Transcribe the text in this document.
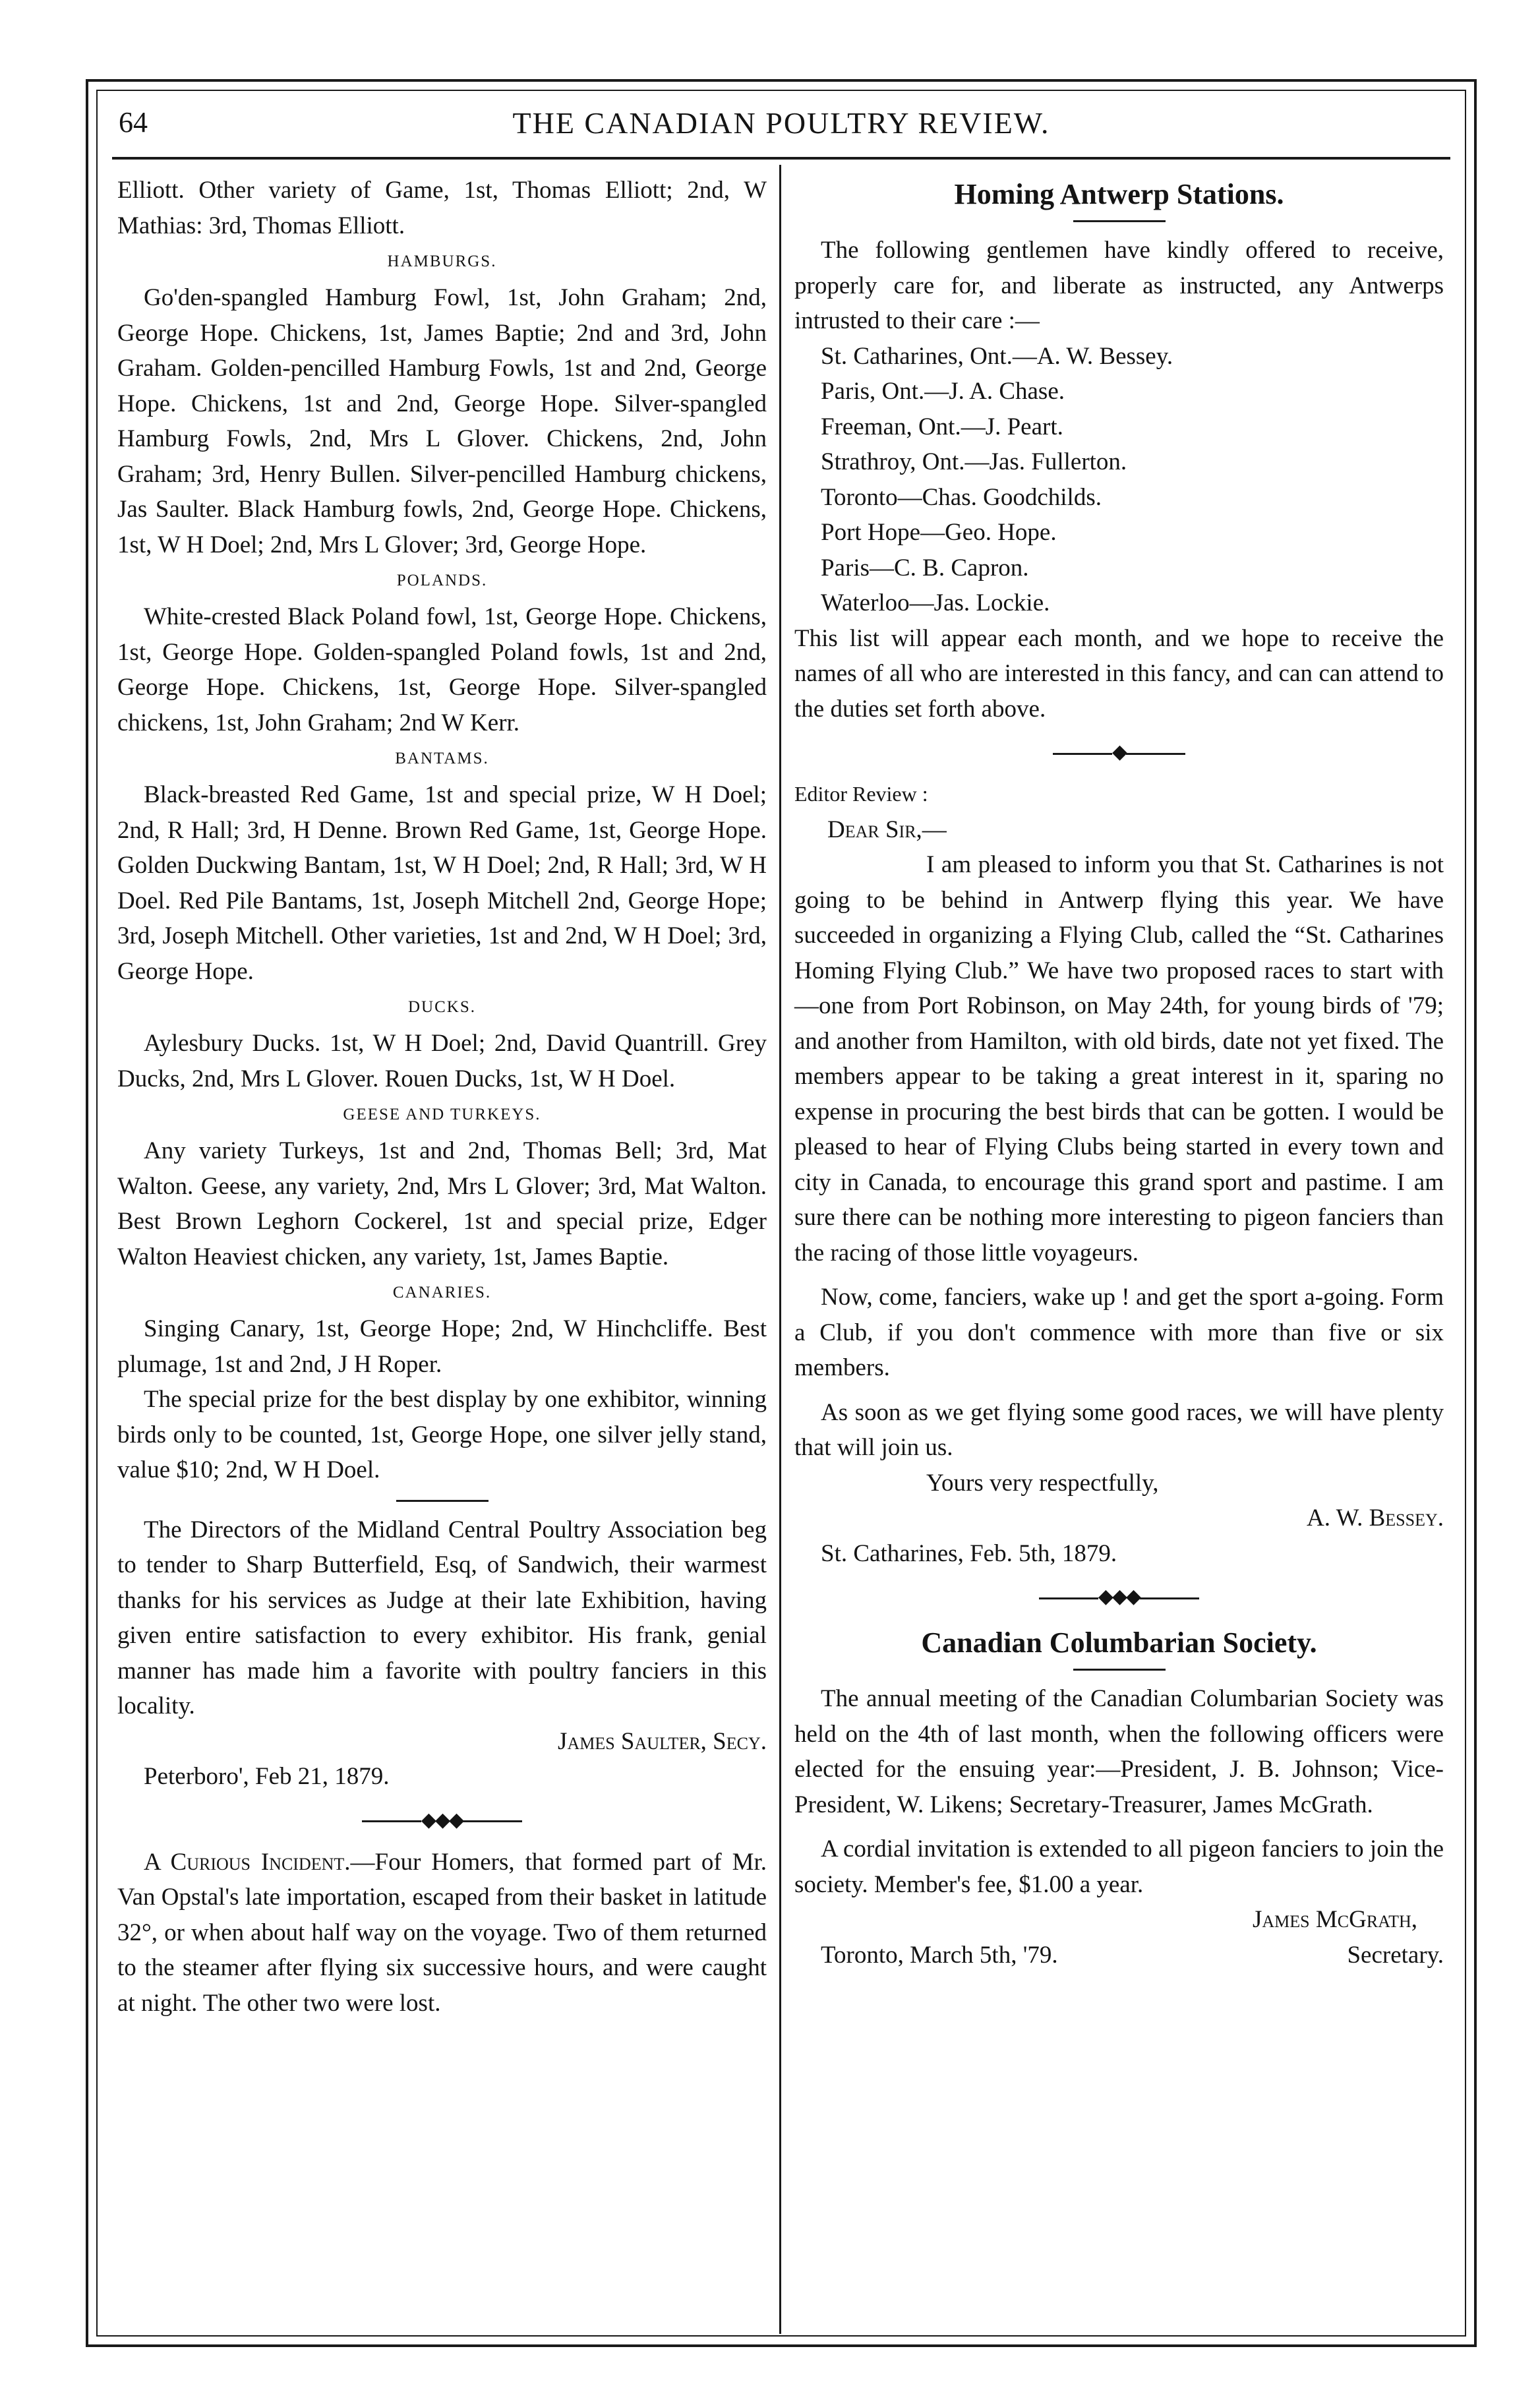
64	THE CANADIAN POULTRY REVIEW.

Elliott. Other variety of Game, 1st, Thomas Elliott; 2nd, W Mathias: 3rd, Thomas Elliott.

HAMBURGS.

Go'den-spangled Hamburg Fowl, 1st, John Graham; 2nd, George Hope. Chickens, 1st, James Baptie; 2nd and 3rd, John Graham. Golden-pencilled Hamburg Fowls, 1st and 2nd, George Hope. Chickens, 1st and 2nd, George Hope. Silver-spangled Hamburg Fowls, 2nd, Mrs L Glover. Chickens, 2nd, John Graham; 3rd, Henry Bullen. Silver-pencilled Hamburg chickens, Jas Saulter. Black Hamburg fowls, 2nd, George Hope. Chickens, 1st, W H Doel; 2nd, Mrs L Glover; 3rd, George Hope.

POLANDS.

White-crested Black Poland fowl, 1st, George Hope. Chickens, 1st, George Hope. Golden-spangled Poland fowls, 1st and 2nd, George Hope. Chickens, 1st, George Hope. Silver-spangled chickens, 1st, John Graham; 2nd W Kerr.

BANTAMS.

Black-breasted Red Game, 1st and special prize, W H Doel; 2nd, R Hall; 3rd, H Denne. Brown Red Game, 1st, George Hope. Golden Duckwing Bantam, 1st, W H Doel; 2nd, R Hall; 3rd, W H Doel. Red Pile Bantams, 1st, Joseph Mitchell 2nd, George Hope; 3rd, Joseph Mitchell. Other varieties, 1st and 2nd, W H Doel; 3rd, George Hope.

DUCKS.

Aylesbury Ducks. 1st, W H Doel; 2nd, David Quantrill. Grey Ducks, 2nd, Mrs L Glover. Rouen Ducks, 1st, W H Doel.

GEESE AND TURKEYS.

Any variety Turkeys, 1st and 2nd, Thomas Bell; 3rd, Mat Walton. Geese, any variety, 2nd, Mrs L Glover; 3rd, Mat Walton. Best Brown Leghorn Cockerel, 1st and special prize, Edger Walton Heaviest chicken, any variety, 1st, James Baptie.

CANARIES.

Singing Canary, 1st, George Hope; 2nd, W Hinchcliffe. Best plumage, 1st and 2nd, J H Roper.

The special prize for the best display by one exhibitor, winning birds only to be counted, 1st, George Hope, one silver jelly stand, value $10; 2nd, W H Doel.

The Directors of the Midland Central Poultry Association beg to tender to Sharp Butterfield, Esq, of Sandwich, their warmest thanks for his services as Judge at their late Exhibition, having given entire satisfaction to every exhibitor. His frank, genial manner has made him a favorite with poultry fanciers in this locality.

James Saulter, Secy.
Peterboro', Feb 21, 1879.
◆◆◆

A Curious Incident.—Four Homers, that formed part of Mr. Van Opstal's late importation, escaped from their basket in latitude 32°, or when about half way on the voyage. Two of them returned to the steamer after flying six successive hours, and were caught at night. The other two were lost.

Homing Antwerp Stations.

The following gentlemen have kindly offered to receive, properly care for, and liberate as instructed, any Antwerps intrusted to their care :—

St. Catharines, Ont.—A. W. Bessey.
Paris, Ont.—J. A. Chase.
Freeman, Ont.—J. Peart.
Strathroy, Ont.—Jas. Fullerton.
Toronto—Chas. Goodchilds.
Port Hope—Geo. Hope.
Paris—C. B. Capron.
Waterloo—Jas. Lockie.

This list will appear each month, and we hope to receive the names of all who are interested in this fancy, and can can attend to the duties set forth above.

◆
Editor Review :
Dear Sir,—

I am pleased to inform you that St. Catharines is not going to be behind in Antwerp flying this year. We have succeeded in organizing a Flying Club, called the “St. Catharines Homing Flying Club.” We have two proposed races to start with—one from Port Robinson, on May 24th, for young birds of '79; and another from Hamilton, with old birds, date not yet fixed. The members appear to be taking a great interest in it, sparing no expense in procuring the best birds that can be gotten. I would be pleased to hear of Flying Clubs being started in every town and city in Canada, to encourage this grand sport and pastime. I am sure there can be nothing more interesting to pigeon fanciers than the racing of those little voyageurs.

Now, come, fanciers, wake up ! and get the sport a-going. Form a Club, if you don't commence with more than five or six members.

As soon as we get flying some good races, we will have plenty that will join us.

Yours very respectfully,
A. W. Bessey.
St. Catharines, Feb. 5th, 1879.
◆◆◆
Canadian Columbarian Society.

The annual meeting of the Canadian Columbarian Society was held on the 4th of last month, when the following officers were elected for the ensuing year:—President, J. B. Johnson; Vice-President, W. Likens; Secretary-Treasurer, James McGrath.

A cordial invitation is extended to all pigeon fanciers to join the society. Member's fee, $1.00 a year.

James McGrath,
Toronto, March 5th, '79.	Secretary.
